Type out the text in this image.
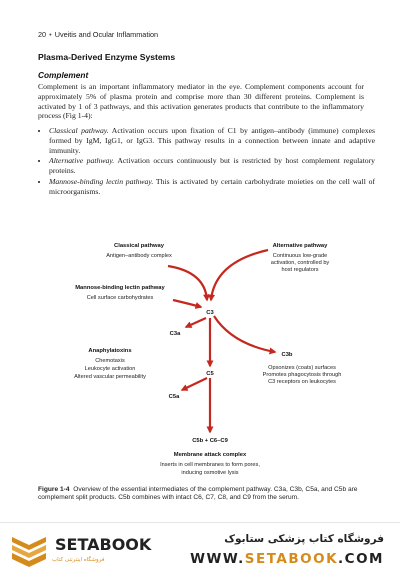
20 • Uveitis and Ocular Inflammation
Plasma-Derived Enzyme Systems
Complement

Complement is an important inflammatory mediator in the eye. Complement components account for approximately 5% of plasma protein and comprise more than 30 different proteins. Complement is activated by 1 of 3 pathways, and this activation generates products that contribute to the inflammatory process (Fig 1-4):

• Classical pathway. Activation occurs upon fixation of C1 by antigen–antibody (immune) complexes formed by IgM, IgG1, or IgG3. This pathway results in a connection between innate and adaptive immunity.
• Alternative pathway. Activation occurs continuously but is restricted by host complement regulatory proteins.
• Mannose-binding lectin pathway. This is activated by certain carbohydrate moieties on the cell wall of microorganisms.
Classical pathway
Antigen–antibody complex
Alternative pathway
Continuous low-grade
activation, controlled by
host regulators
Mannose-binding lectin pathway
Cell surface carbohydrates
C3
C3a
C3b
Opsonizes (coats) surfaces
Promotes phagocytosis through
C3 receptors on leukocytes
Anaphylatoxins
Chemotaxis
Leukocyte activation
Altered vascular permeability	C5
C5a
C5b + C6–C9
Membrane attack complex
Inserts in cell membranes to form pores,
inducing osmotive lysis

Figure 1-4 Overview of the essential intermediates of the complement pathway. C3a, C3b, C5a, and C5b are complement split products. C5b combines with intact C6, C7, C8, and C9 from the serum.

SETABOOK
فروشگاه اینترنتی کتاب
فروشگاه کتاب پزشکی ستابوک
WWW.SETABOOK.COM
